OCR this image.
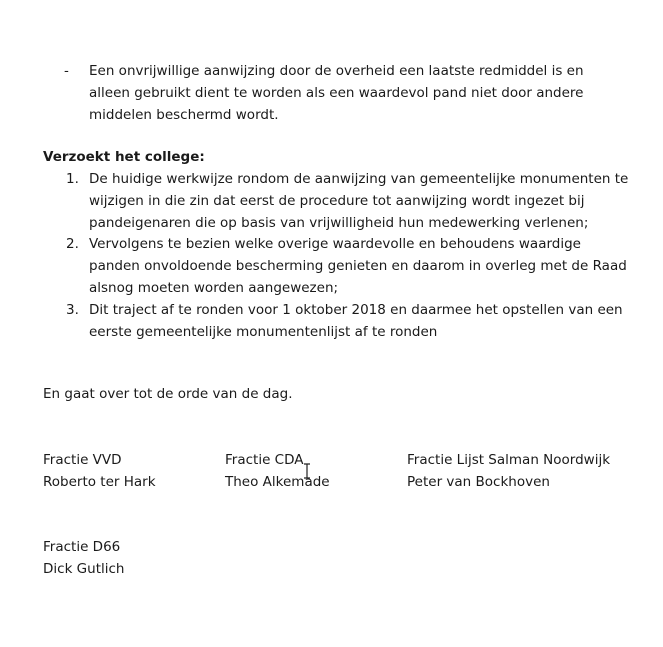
- Een onvrijwillige aanwijzing door de overheid een laatste redmiddel is en alleen gebruikt dient te worden als een waardevol pand niet door andere middelen beschermd wordt.
Verzoekt het college:
1. De huidige werkwijze rondom de aanwijzing van gemeentelijke monumenten te wijzigen in die zin dat eerst de procedure tot aanwijzing wordt ingezet bij pandeigenaren die op basis van vrijwilligheid hun medewerking verlenen;
2. Vervolgens te bezien welke overige waardevolle en behoudens waardige panden onvoldoende bescherming genieten en daarom in overleg met de Raad alsnog moeten worden aangewezen;
3. Dit traject af te ronden voor 1 oktober 2018 en daarmee het opstellen van een eerste gemeentelijke monumentenlijst af te ronden
En gaat over tot de orde van de dag.
Fractie VVD
Roberto ter Hark
Fractie CDA
Theo Alkemade
Fractie Lijst Salman Noordwijk
Peter van Bockhoven
Fractie D66
Dick Gutlich
